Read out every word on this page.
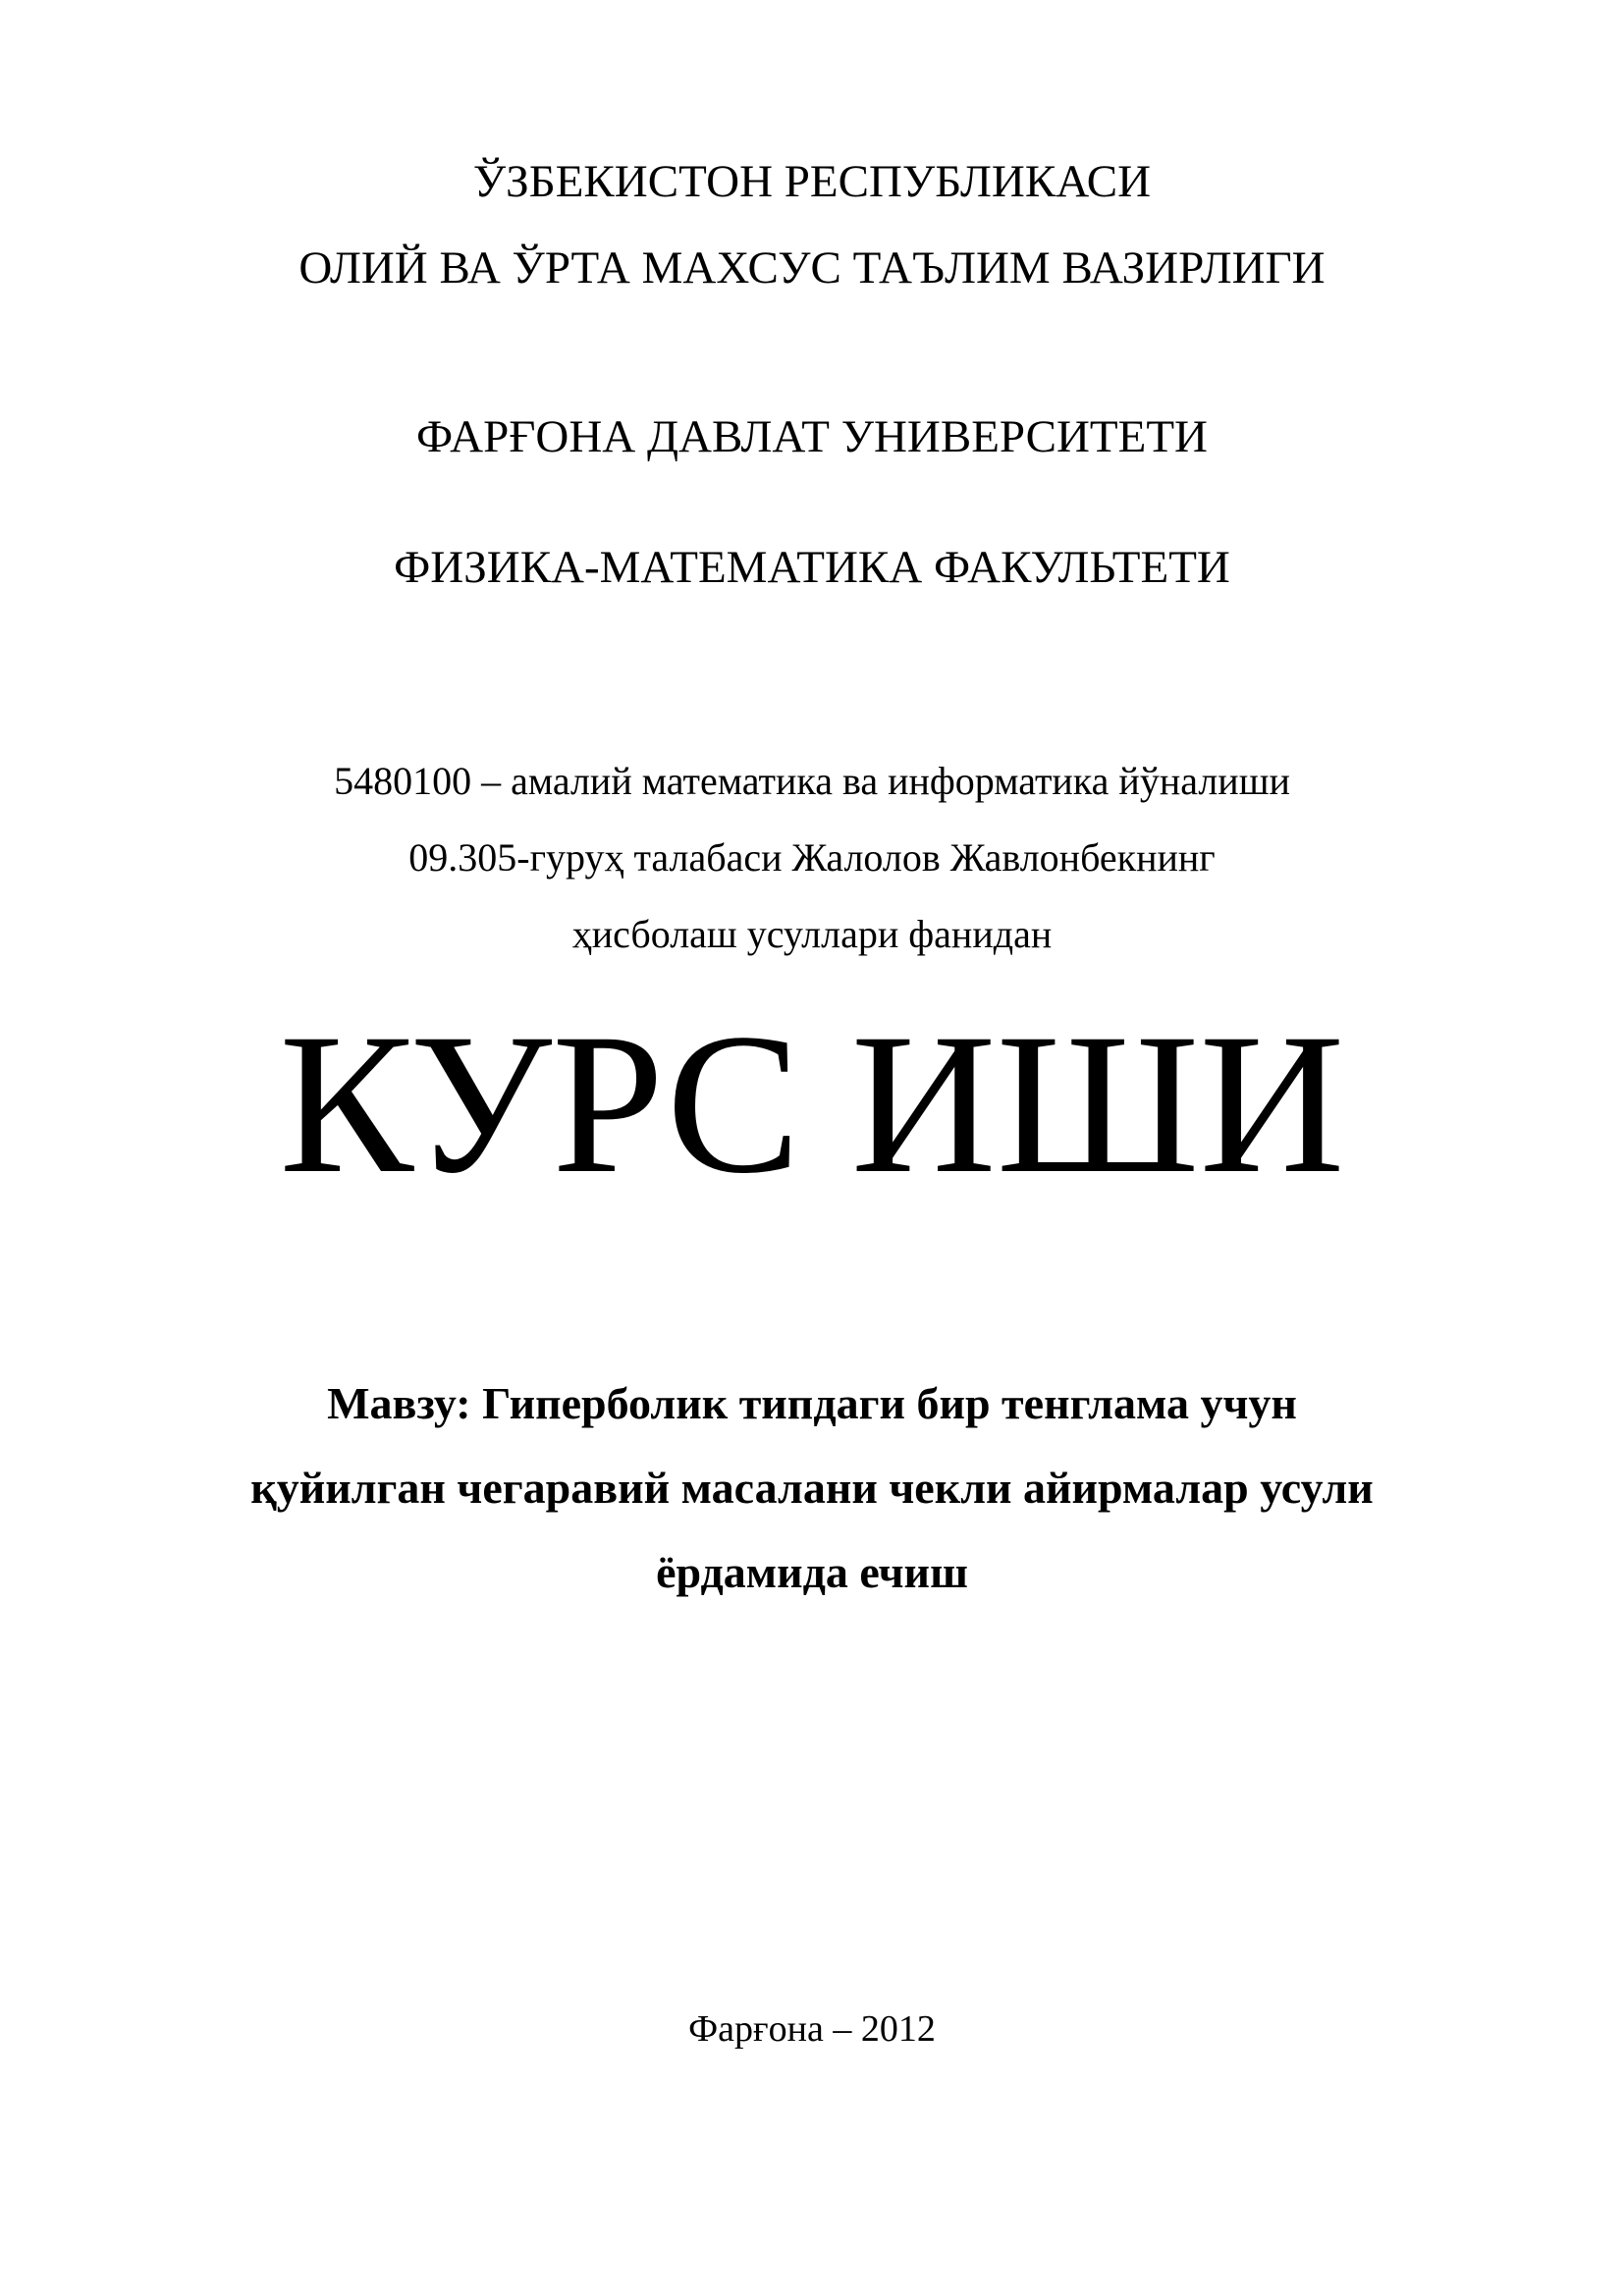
ЎЗБЕКИСТОН РЕСПУБЛИКАСИ

ОЛИЙ ВА ЎРТА МАХСУС ТАЪЛИМ ВАЗИРЛИГИ

ФАРҒОНА ДАВЛАТ УНИВЕРСИТЕТИ

ФИЗИКА-МАТЕМАТИКА ФАКУЛЬТЕТИ

5480100 – амалий математика ва информатика йўналиши

09.305-гуруҳ талабаси Жалолов Жавлонбекнинг

ҳисболаш усуллари фанидан

КУРС ИШИ

Мавзу: Гиперболик типдаги бир тенглама учун

қуйилган чегаравий масалани чекли айирмалар усули

ёрдамида ечиш

Фарғона – 2012
